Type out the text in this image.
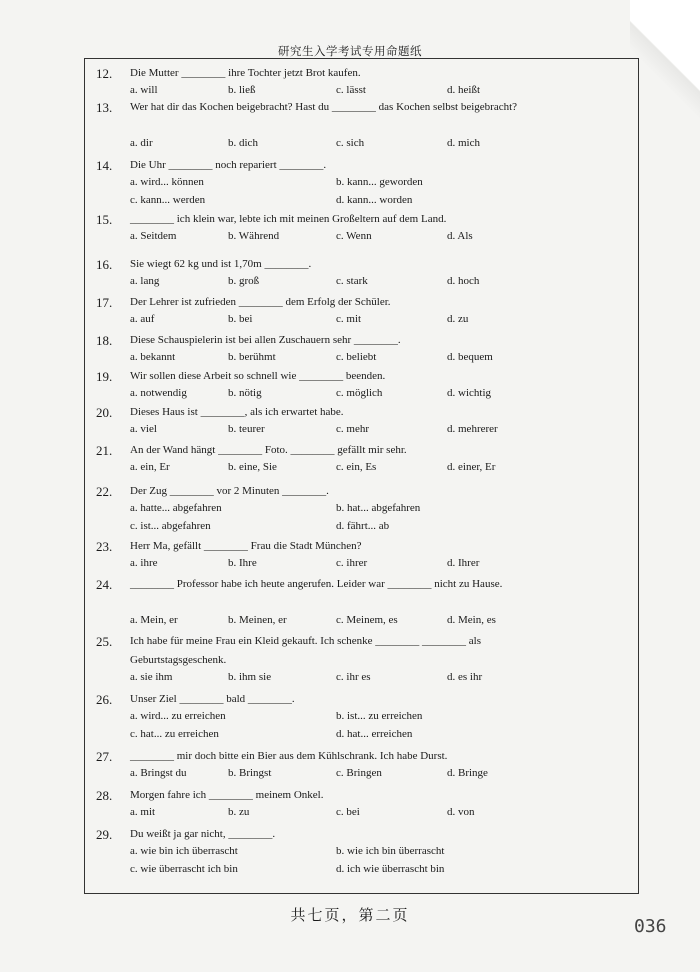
研究生入学考试专用命题纸
12. Die Mutter ________ ihre Tochter jetzt Brot kaufen.
a. will	b. ließ	c. lässt	d. heißt
13. Wer hat dir das Kochen beigebracht? Hast du ________ das Kochen selbst beigebracht?
a. dir	b. dich	c. sich	d. mich
14. Die Uhr ________ noch repariert ________.
a. wird... können	b. kann... geworden
c. kann... werden	d. kann... worden
15. ________ ich klein war, lebte ich mit meinen Großeltern auf dem Land.
a. Seitdem	b. Während	c. Wenn	d. Als
16. Sie wiegt 62 kg und ist 1,70m ________.
a. lang	b. groß	c. stark	d. hoch
17. Der Lehrer ist zufrieden ________ dem Erfolg der Schüler.
a. auf	b. bei	c. mit	d. zu
18. Diese Schauspielerin ist bei allen Zuschauern sehr ________.
a. bekannt	b. berühmt	c. beliebt	d. bequem
19. Wir sollen diese Arbeit so schnell wie ________ beenden.
a. notwendig	b. nötig	c. möglich	d. wichtig
20. Dieses Haus ist ________, als ich erwartet habe.
a. viel	b. teurer	c. mehr	d. mehrerer
21. An der Wand hängt ________ Foto. ________ gefällt mir sehr.
a. ein, Er	b. eine, Sie	c. ein, Es	d. einer, Er
22. Der Zug ________ vor 2 Minuten ________.
a. hatte... abgefahren	b. hat... abgefahren
c. ist... abgefahren	d. fährt... ab
23. Herr Ma, gefällt ________ Frau die Stadt München?
a. ihre	b. Ihre	c. ihrer	d. Ihrer
24. ________ Professor habe ich heute angerufen. Leider war ________ nicht zu Hause.
a. Mein, er	b. Meinen, er	c. Meinem, es	d. Mein, es
25. Ich habe für meine Frau ein Kleid gekauft. Ich schenke ________ ________ als Geburtstagsgeschenk.
a. sie ihm	b. ihm sie	c. ihr es	d. es ihr
26. Unser Ziel ________ bald ________.
a. wird... zu erreichen	b. ist... zu erreichen
c. hat... zu erreichen	d. hat... erreichen
27. ________ mir doch bitte ein Bier aus dem Kühlschrank. Ich habe Durst.
a. Bringst du	b. Bringst	c. Bringen	d. Bringe
28. Morgen fahre ich ________ meinem Onkel.
a. mit	b. zu	c. bei	d. von
29. Du weißt ja gar nicht, ________.
a. wie bin ich überrascht	b. wie ich bin überrascht
c. wie überrascht ich bin	d. ich wie überrascht bin
共七页，第二页	036
